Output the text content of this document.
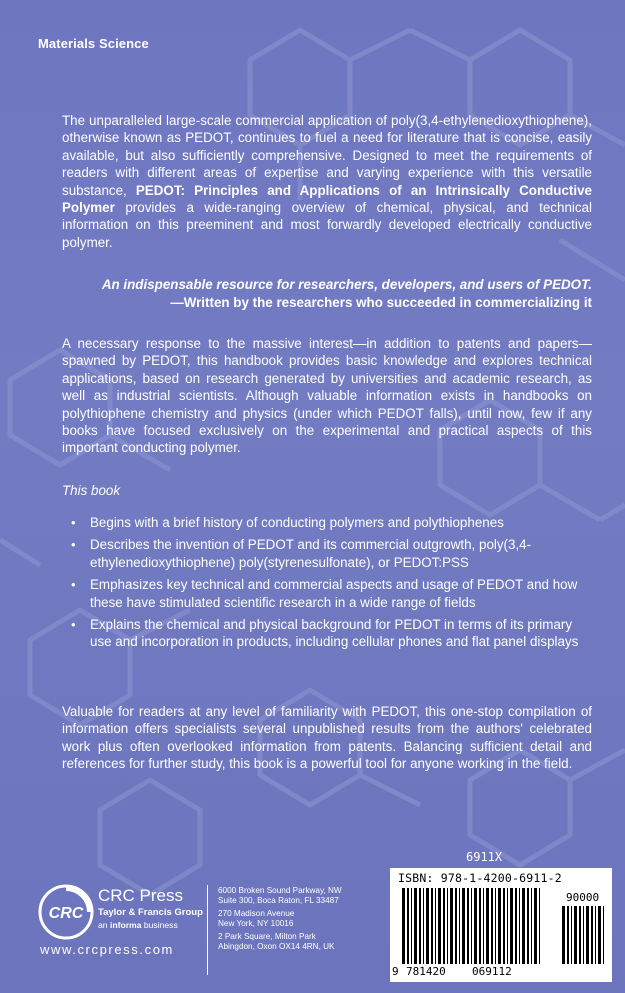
Materials Science
The unparalleled large-scale commercial application of poly(3,4-ethylenedioxythiophene), otherwise known as PEDOT, continues to fuel a need for literature that is concise, easily available, but also sufficiently comprehensive. Designed to meet the requirements of readers with different areas of expertise and varying experience with this versatile substance, PEDOT: Principles and Applications of an Intrinsically Conductive Polymer provides a wide-ranging overview of chemical, physical, and technical information on this preeminent and most forwardly developed electrically conductive polymer.
An indispensable resource for researchers, developers, and users of PEDOT.
—Written by the researchers who succeeded in commercializing it
A necessary response to the massive interest—in addition to patents and papers—spawned by PEDOT, this handbook provides basic knowledge and explores technical applications, based on research generated by universities and academic research, as well as industrial scientists. Although valuable information exists in handbooks on polythiophene chemistry and physics (under which PEDOT falls), until now, few if any books have focused exclusively on the experimental and practical aspects of this important conducting polymer.
This book
• Begins with a brief history of conducting polymers and polythiophenes
• Describes the invention of PEDOT and its commercial outgrowth, poly(3,4-ethylenedioxythiophene) poly(styrenesulfonate), or PEDOT:PSS
• Emphasizes key technical and commercial aspects and usage of PEDOT and how these have stimulated scientific research in a wide range of fields
• Explains the chemical and physical background for PEDOT in terms of its primary use and incorporation in products, including cellular phones and flat panel displays
Valuable for readers at any level of familiarity with PEDOT, this one-stop compilation of information offers specialists several unpublished results from the authors' celebrated work plus often overlooked information from patents. Balancing sufficient detail and references for further study, this book is a powerful tool for anyone working in the field.
6911X
CRC
CRC Press
Taylor & Francis Group
an informa business
www.crcpress.com
6000 Broken Sound Parkway, NW
Suite 300, Boca Raton, FL 33487
270 Madison Avenue
New York, NY 10016
2 Park Square, Milton Park
Abingdon, Oxon OX14 4RN, UK
ISBN: 978-1-4200-6911-2
90000
9 781420 069112
